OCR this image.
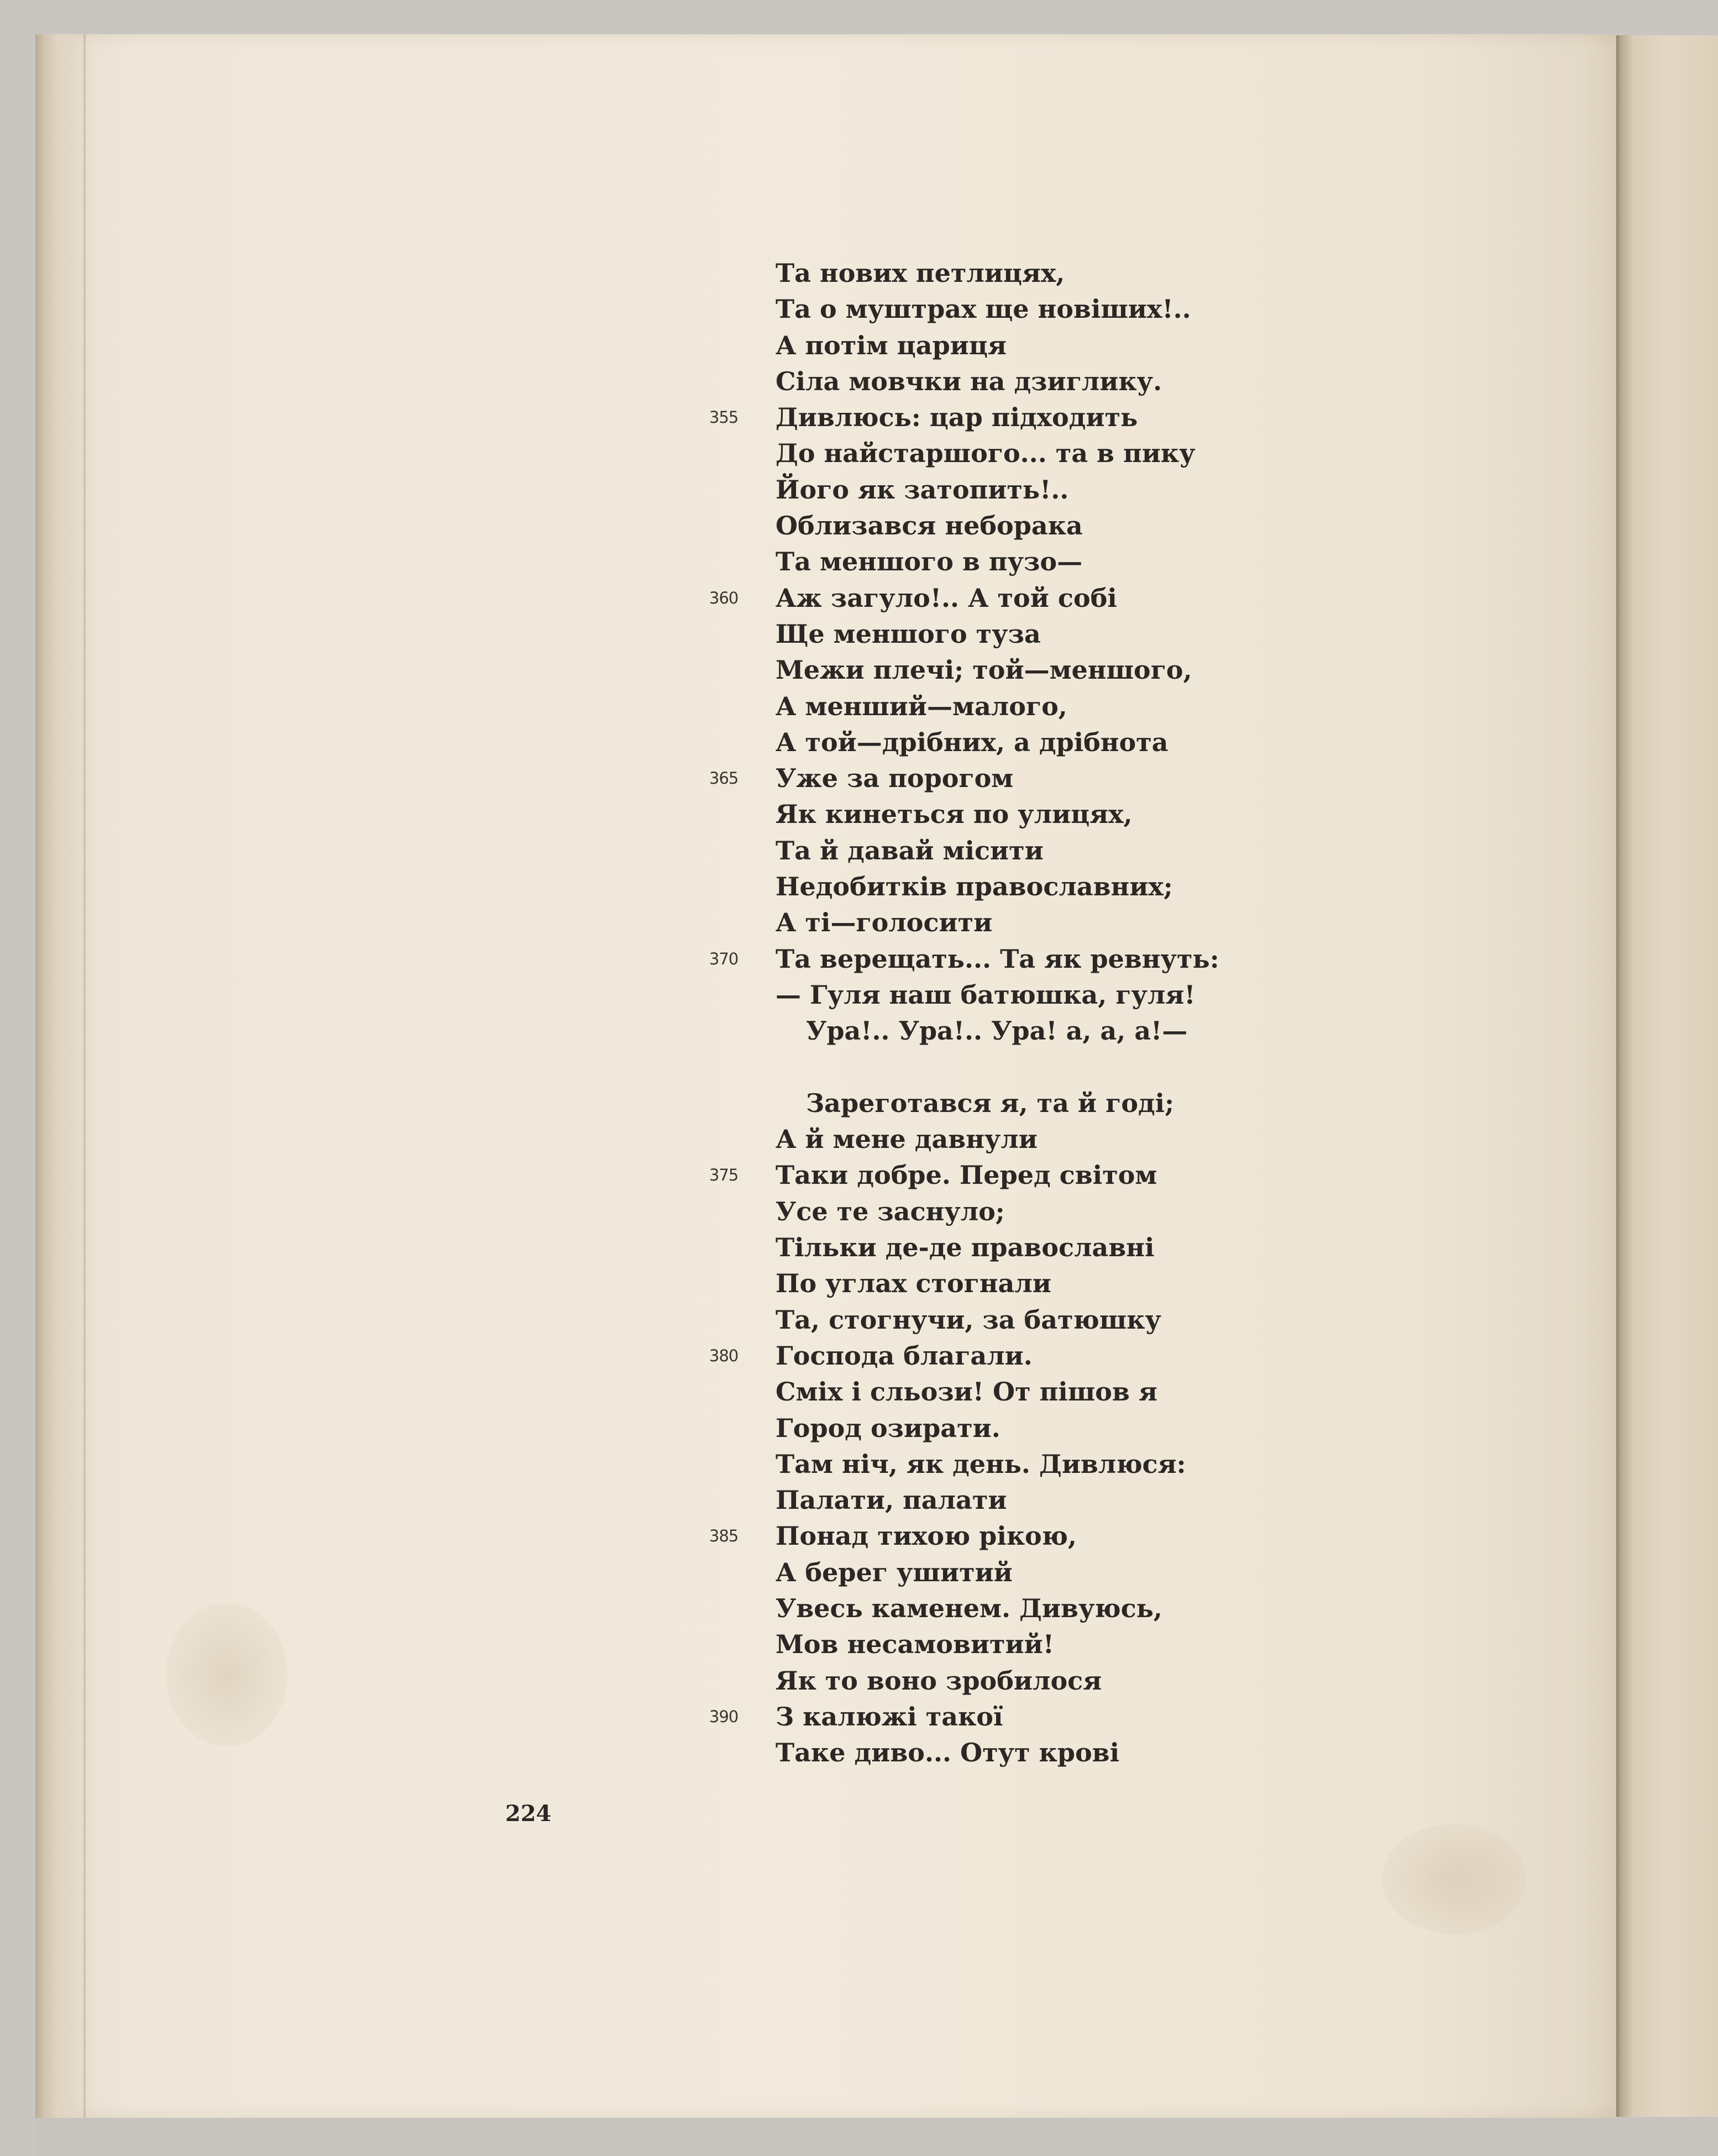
Та нових петлицях,
Та о муштрах ще новіших!..
А потім цариця
Сіла мовчки на дзиглику.
355	Дивлюсь: цар підходить
До найстаршого... та в пику
Його як затопить!..
Облизався неборака
Та меншого в пузо—
360	Аж загуло!.. А той собі
Ще меншого туза
Межи плечі; той—меншого,
А менший—малого,
А той—дрібних, а дрібнота
365	Уже за порогом
Як кинеться по улицях,
Та й давай місити
Недобитків православних;
А ті—голосити
370	Та верещать... Та як ревнуть:
— Гуля наш батюшка, гуля!
Ура!.. Ура!.. Ура! а, а, а!—
Зареготався я, та й годі;
А й мене давнули
375	Таки добре. Перед світом
Усе те заснуло;
Тільки де-де православні
По углах стогнали
Та, стогнучи, за батюшку
380	Господа благали.
Сміх і сльози! От пішов я
Город озирати.
Там ніч, як день. Дивлюся:
Палати, палати
385	Понад тихою рікою,
А берег ушитий
Увесь каменем. Дивуюсь,
Мов несамовитий!
Як то воно зробилося
390	З калюжі такої
Таке диво... Отут крові
224
